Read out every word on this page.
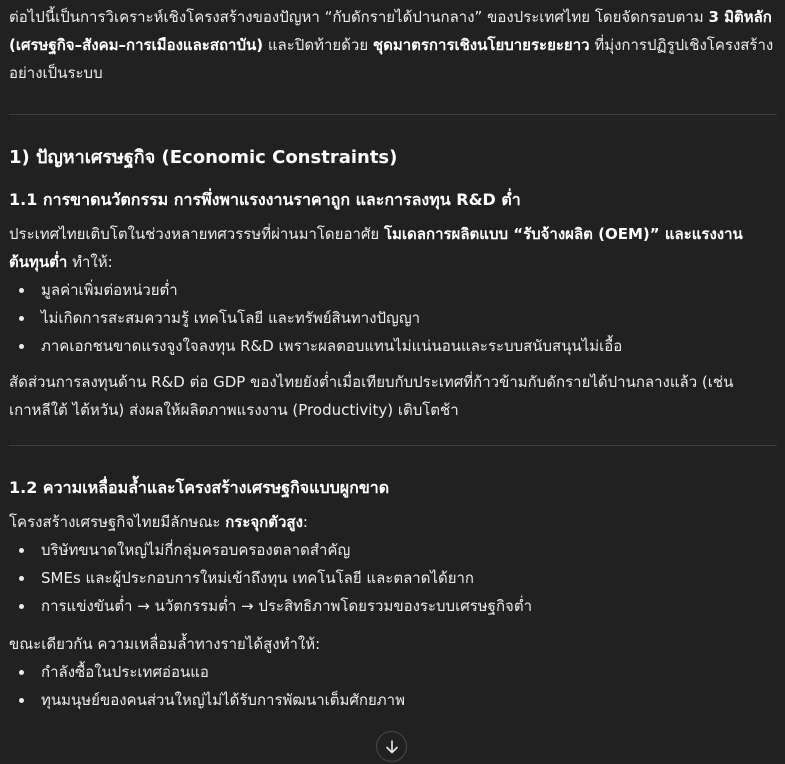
ต่อไปนี้เป็นการวิเคราะห์เชิงโครงสร้างของปัญหา “กับดักรายได้ปานกลาง” ของประเทศไทย โดยจัดกรอบตาม 3 มิติหลัก
(เศรษฐกิจ–สังคม–การเมืองและสถาบัน) และปิดท้ายด้วย ชุดมาตรการเชิงนโยบายระยะยาว ที่มุ่งการปฏิรูปเชิงโครงสร้างอย่างเป็นระบบ

1) ปัญหาเศรษฐกิจ (Economic Constraints)
1.1 การขาดนวัตกรรม การพึ่งพาแรงงานราคาถูก และการลงทุน R&D ต่ำ

ประเทศไทยเติบโตในช่วงหลายทศวรรษที่ผ่านมาโดยอาศัย โมเดลการผลิตแบบ “รับจ้างผลิต (OEM)” และแรงงานต้นทุนต่ำ ทำให้:

มูลค่าเพิ่มต่อหน่วยต่ำ
ไม่เกิดการสะสมความรู้ เทคโนโลยี และทรัพย์สินทางปัญญา
ภาคเอกชนขาดแรงจูงใจลงทุน R&D เพราะผลตอบแทนไม่แน่นอนและระบบสนับสนุนไม่เอื้อ

สัดส่วนการลงทุนด้าน R&D ต่อ GDP ของไทยยังต่ำเมื่อเทียบกับประเทศที่ก้าวข้ามกับดักรายได้ปานกลางแล้ว (เช่น เกาหลีใต้ ไต้หวัน) ส่งผลให้ผลิตภาพแรงงาน (Productivity) เติบโตช้า

1.2 ความเหลื่อมล้ำและโครงสร้างเศรษฐกิจแบบผูกขาด

โครงสร้างเศรษฐกิจไทยมีลักษณะ กระจุกตัวสูง:

บริษัทขนาดใหญ่ไม่กี่กลุ่มครอบครองตลาดสำคัญ
SMEs และผู้ประกอบการใหม่เข้าถึงทุน เทคโนโลยี และตลาดได้ยาก
การแข่งขันต่ำ → นวัตกรรมต่ำ → ประสิทธิภาพโดยรวมของระบบเศรษฐกิจต่ำ

ขณะเดียวกัน ความเหลื่อมล้ำทางรายได้สูงทำให้:

กำลังซื้อในประเทศอ่อนแอ
ทุนมนุษย์ของคนส่วนใหญ่ไม่ได้รับการพัฒนาเต็มศักยภาพ
